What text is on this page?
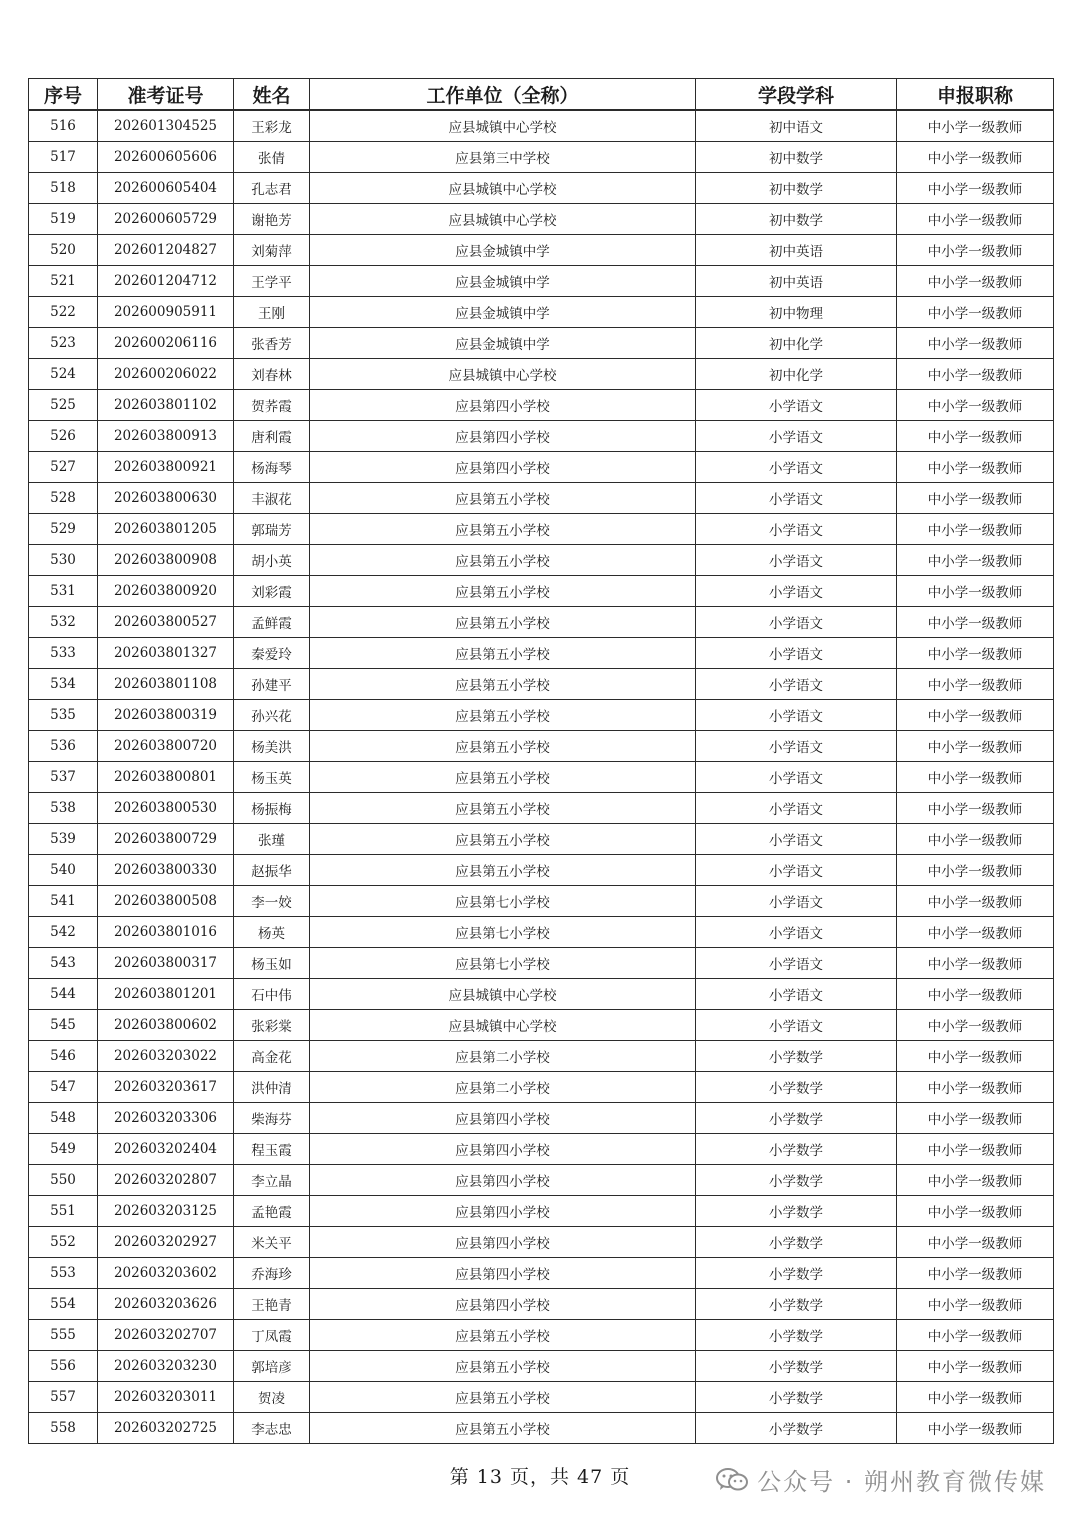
序号	准考证号	姓名	工作单位（全称）	学段学科	申报职称
516	202601304525	王彩龙	应县城镇中心学校	初中语文	中小学一级教师
517	202600605606	张倩	应县第三中学校	初中数学	中小学一级教师
518	202600605404	孔志君	应县城镇中心学校	初中数学	中小学一级教师
519	202600605729	谢艳芳	应县城镇中心学校	初中数学	中小学一级教师
520	202601204827	刘菊萍	应县金城镇中学	初中英语	中小学一级教师
521	202601204712	王学平	应县金城镇中学	初中英语	中小学一级教师
522	202600905911	王刚	应县金城镇中学	初中物理	中小学一级教师
523	202600206116	张香芳	应县金城镇中学	初中化学	中小学一级教师
524	202600206022	刘春林	应县城镇中心学校	初中化学	中小学一级教师
525	202603801102	贺荞霞	应县第四小学校	小学语文	中小学一级教师
526	202603800913	唐利霞	应县第四小学校	小学语文	中小学一级教师
527	202603800921	杨海琴	应县第四小学校	小学语文	中小学一级教师
528	202603800630	丰淑花	应县第五小学校	小学语文	中小学一级教师
529	202603801205	郭瑞芳	应县第五小学校	小学语文	中小学一级教师
530	202603800908	胡小英	应县第五小学校	小学语文	中小学一级教师
531	202603800920	刘彩霞	应县第五小学校	小学语文	中小学一级教师
532	202603800527	孟鲜霞	应县第五小学校	小学语文	中小学一级教师
533	202603801327	秦爱玲	应县第五小学校	小学语文	中小学一级教师
534	202603801108	孙建平	应县第五小学校	小学语文	中小学一级教师
535	202603800319	孙兴花	应县第五小学校	小学语文	中小学一级教师
536	202603800720	杨美洪	应县第五小学校	小学语文	中小学一级教师
537	202603800801	杨玉英	应县第五小学校	小学语文	中小学一级教师
538	202603800530	杨振梅	应县第五小学校	小学语文	中小学一级教师
539	202603800729	张瑾	应县第五小学校	小学语文	中小学一级教师
540	202603800330	赵振华	应县第五小学校	小学语文	中小学一级教师
541	202603800508	李一姣	应县第七小学校	小学语文	中小学一级教师
542	202603801016	杨英	应县第七小学校	小学语文	中小学一级教师
543	202603800317	杨玉如	应县第七小学校	小学语文	中小学一级教师
544	202603801201	石中伟	应县城镇中心学校	小学语文	中小学一级教师
545	202603800602	张彩棠	应县城镇中心学校	小学语文	中小学一级教师
546	202603203022	高金花	应县第二小学校	小学数学	中小学一级教师
547	202603203617	洪仲清	应县第二小学校	小学数学	中小学一级教师
548	202603203306	柴海芬	应县第四小学校	小学数学	中小学一级教师
549	202603202404	程玉霞	应县第四小学校	小学数学	中小学一级教师
550	202603202807	李立晶	应县第四小学校	小学数学	中小学一级教师
551	202603203125	孟艳霞	应县第四小学校	小学数学	中小学一级教师
552	202603202927	米关平	应县第四小学校	小学数学	中小学一级教师
553	202603203602	乔海珍	应县第四小学校	小学数学	中小学一级教师
554	202603203626	王艳青	应县第四小学校	小学数学	中小学一级教师
555	202603202707	丁凤霞	应县第五小学校	小学数学	中小学一级教师
556	202603203230	郭培彦	应县第五小学校	小学数学	中小学一级教师
557	202603203011	贺凌	应县第五小学校	小学数学	中小学一级教师
558	202603202725	李志忠	应县第五小学校	小学数学	中小学一级教师
第 13 页，共 47 页	公众号 · 朔州教育微传媒
